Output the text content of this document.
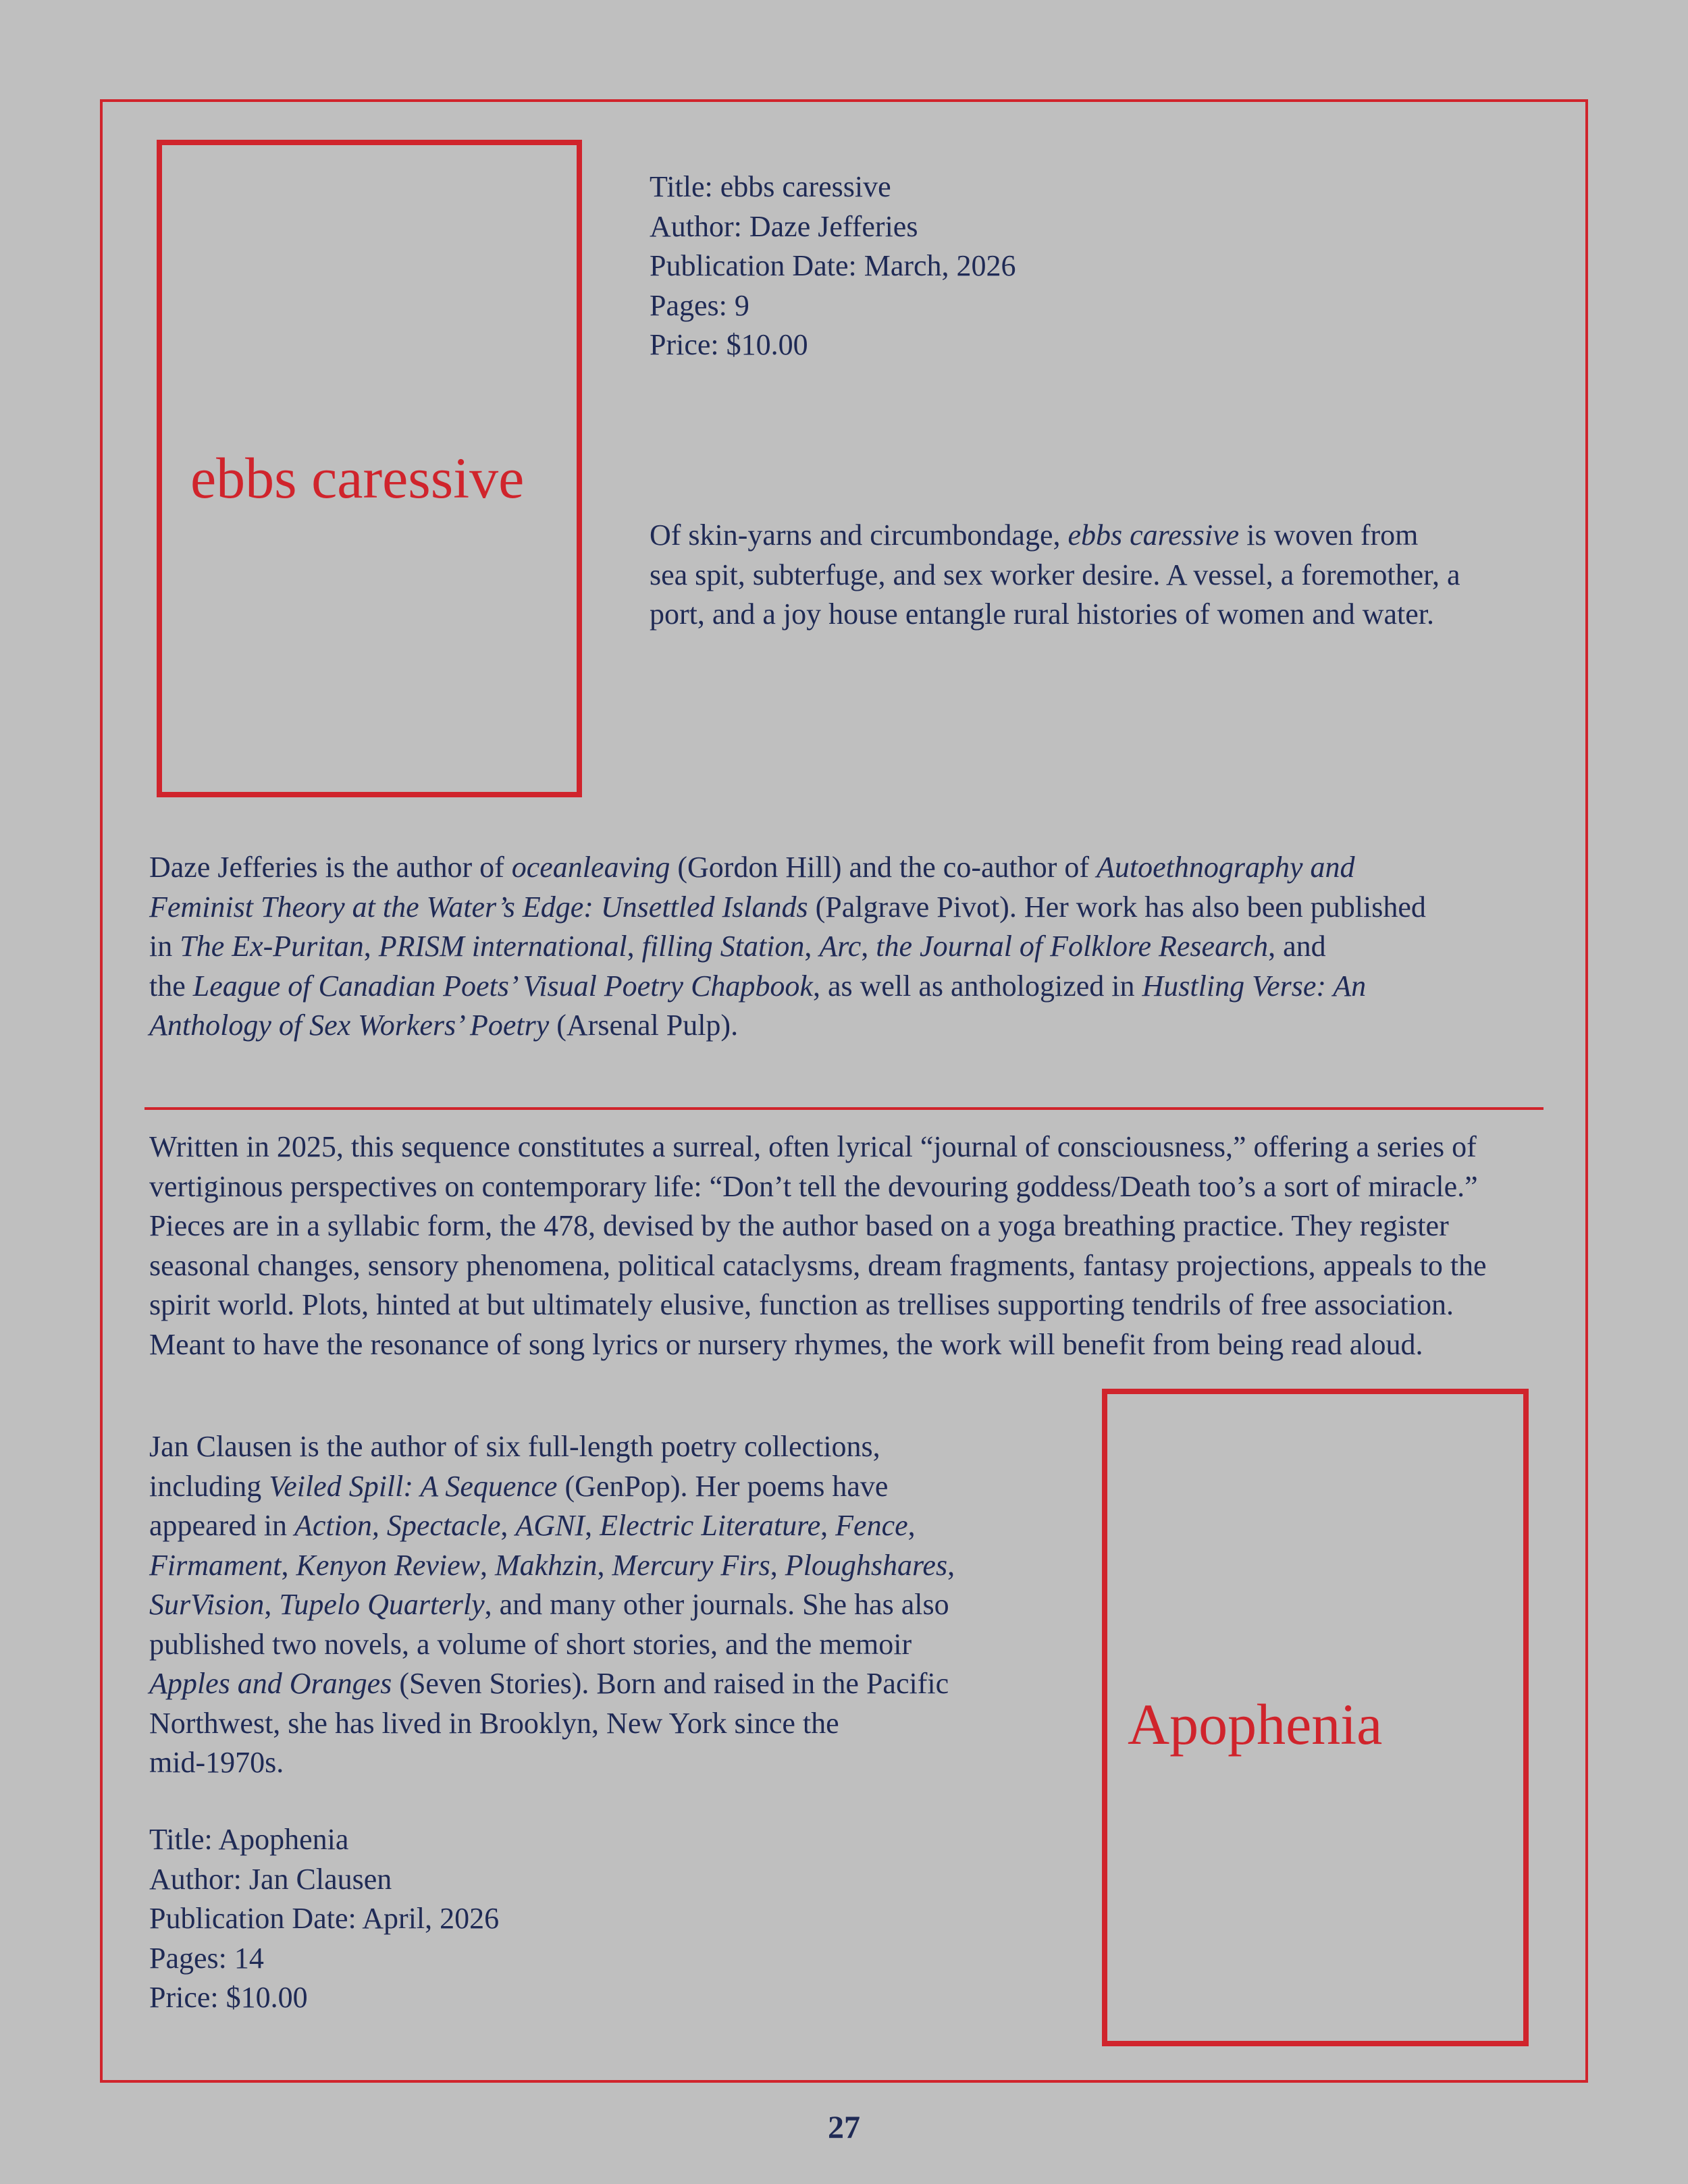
ebbs caressive
Title: ebbs caressive
Author: Daze Jefferies
Publication Date: March, 2026
Pages: 9
Price: $10.00
Of skin-yarns and circumbondage, ebbs caressive is woven from
sea spit, subterfuge, and sex worker desire. A vessel, a foremother, a
port, and a joy house entangle rural histories of women and water.
Daze Jefferies is the author of oceanleaving (Gordon Hill) and the co-author of Autoethnography and
Feminist Theory at the Water’s Edge: Unsettled Islands (Palgrave Pivot). Her work has also been published
in The Ex-Puritan, PRISM international, filling Station, Arc, the Journal of Folklore Research, and
the League of Canadian Poets’ Visual Poetry Chapbook, as well as anthologized in Hustling Verse: An
Anthology of Sex Workers’ Poetry (Arsenal Pulp).
Written in 2025, this sequence constitutes a surreal, often lyrical “journal of consciousness,” offering a series of
vertiginous perspectives on contemporary life: “Don’t tell the devouring goddess/Death too’s a sort of miracle.”
Pieces are in a syllabic form, the 478, devised by the author based on a yoga breathing practice. They register
seasonal changes, sensory phenomena, political cataclysms, dream fragments, fantasy projections, appeals to the
spirit world. Plots, hinted at but ultimately elusive, function as trellises supporting tendrils of free association.
Meant to have the resonance of song lyrics or nursery rhymes, the work will benefit from being read aloud.
Jan Clausen is the author of six full-length poetry collections,
including Veiled Spill: A Sequence (GenPop). Her poems have
appeared in Action, Spectacle, AGNI, Electric Literature, Fence,
Firmament, Kenyon Review, Makhzin, Mercury Firs, Ploughshares,
SurVision, Tupelo Quarterly, and many other journals. She has also
published two novels, a volume of short stories, and the memoir
Apples and Oranges (Seven Stories). Born and raised in the Pacific
Northwest, she has lived in Brooklyn, New York since the
mid-1970s.
Title: Apophenia
Author: Jan Clausen
Publication Date: April, 2026
Pages: 14
Price: $10.00
Apophenia
27
